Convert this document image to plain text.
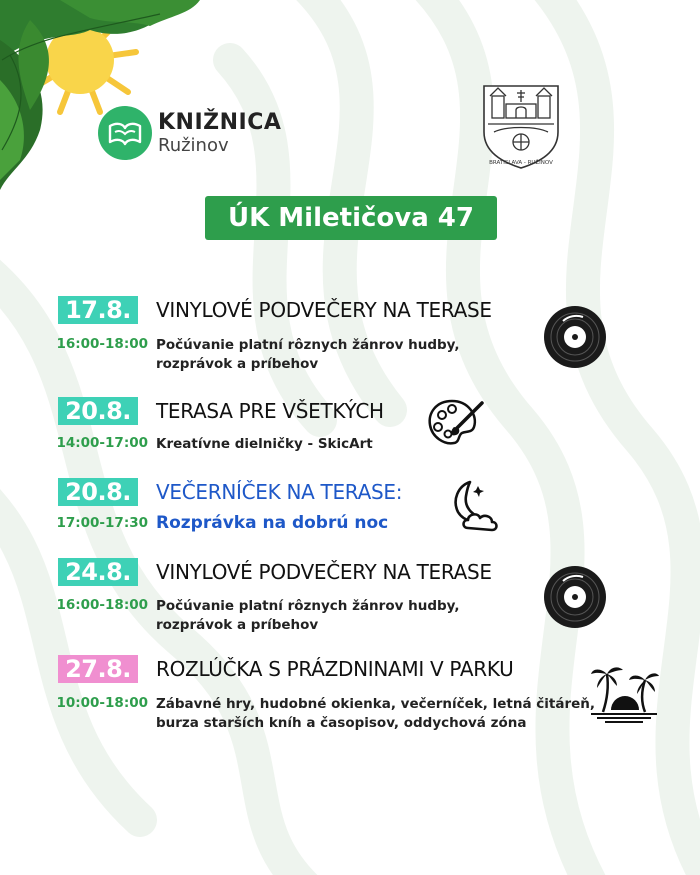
KNIŽNICA
Ružinov
BRATISLAVA - RUŽINOV
ÚK Miletičova 47
17.8.	VINYLOVÉ PODVEČERY NA TERASE
16:00-18:00 Počúvanie platní rôznych žánrov hudby,
rozprávok a príbehov
20.8.	TERASA PRE VŠETKÝCH
14:00-17:00 Kreatívne dielničky - SkicArt
20.8.	VEČERNÍČEK NA TERASE:
17:00-17:30 Rozprávka na dobrú noc
24.8.	VINYLOVÉ PODVEČERY NA TERASE
16:00-18:00 Počúvanie platní rôznych žánrov hudby,
rozprávok a príbehov
27.8.	ROZLÚČKA S PRÁZDNINAMI V PARKU
10:00-18:00 Zábavné hry, hudobné okienka, večerníček, letná čitáreň,
burza starších kníh a časopisov, oddychová zóna
